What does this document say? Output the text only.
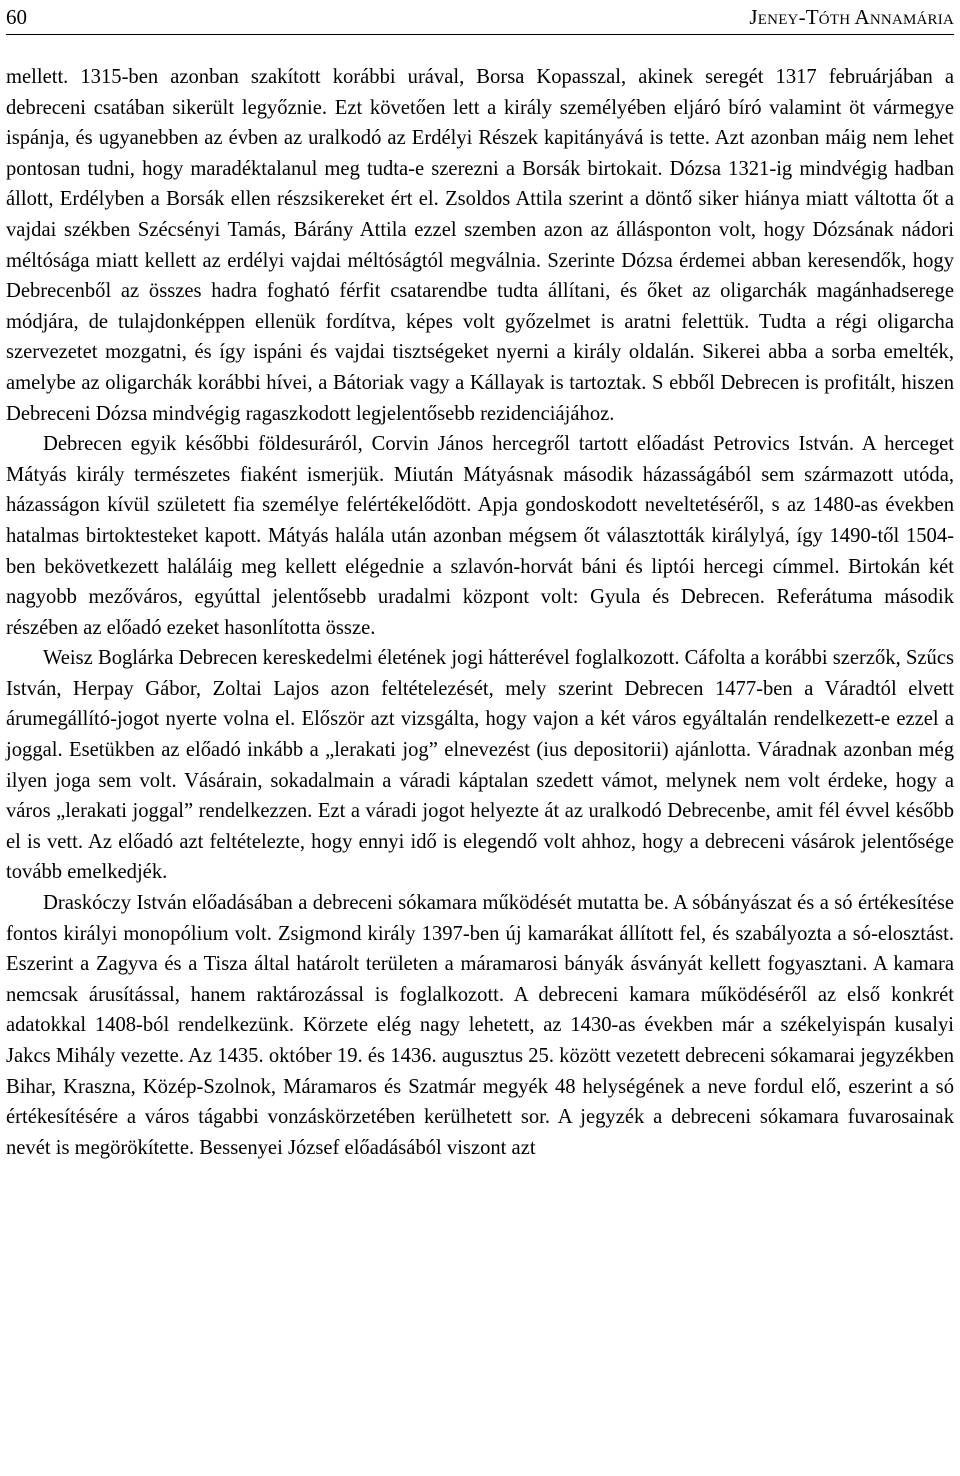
60	Jeney-Tóth Annamária

mellett. 1315-ben azonban szakított korábbi urával, Borsa Kopasszal, akinek seregét 1317 februárjában a debreceni csatában sikerült legyőznie. Ezt követően lett a király személyében eljáró bíró valamint öt vármegye ispánja, és ugyanebben az évben az uralkodó az Erdélyi Részek kapitányává is tette. Azt azonban máig nem lehet pontosan tudni, hogy maradéktalanul meg tudta-e szerezni a Borsák birtokait. Dózsa 1321-ig mindvégig hadban állott, Erdélyben a Borsák ellen részsikereket ért el. Zsoldos Attila szerint a döntő siker hiánya miatt váltotta őt a vajdai székben Szécsényi Tamás, Bárány Attila ezzel szemben azon az állásponton volt, hogy Dózsának nádori méltósága miatt kellett az erdélyi vajdai méltóságtól megválnia. Szerinte Dózsa érdemei abban keresendők, hogy Debrecenből az összes hadra fogható férfit csatarendbe tudta állítani, és őket az oligarchák magánhadserege módjára, de tulajdonképpen ellenük fordítva, képes volt győzelmet is aratni felettük. Tudta a régi oligarcha szervezetet mozgatni, és így ispáni és vajdai tisztségeket nyerni a király oldalán. Sikerei abba a sorba emelték, amelybe az oligarchák korábbi hívei, a Bátoriak vagy a Kállayak is tartoztak. S ebből Debrecen is profitált, hiszen Debreceni Dózsa mindvégig ragaszkodott legjelentősebb rezidenciájához.

Debrecen egyik későbbi földesuráról, Corvin János hercegről tartott előadást Petrovics István. A herceget Mátyás király természetes fiaként ismerjük. Miután Mátyásnak második házasságából sem származott utóda, házasságon kívül született fia személye felértékelődött. Apja gondoskodott neveltetéséről, s az 1480-as években hatalmas birtoktesteket kapott. Mátyás halála után azonban mégsem őt választották királylyá, így 1490-től 1504-ben bekövetkezett haláláig meg kellett elégednie a szlavón-horvát báni és liptói hercegi címmel. Birtokán két nagyobb mezőváros, egyúttal jelentősebb uradalmi központ volt: Gyula és Debrecen. Referátuma második részében az előadó ezeket hasonlította össze.

Weisz Boglárka Debrecen kereskedelmi életének jogi hátterével foglalkozott. Cáfolta a korábbi szerzők, Szűcs István, Herpay Gábor, Zoltai Lajos azon feltételezését, mely szerint Debrecen 1477-ben a Váradtól elvett árumegállító-jogot nyerte volna el. Először azt vizsgálta, hogy vajon a két város egyáltalán rendelkezett-e ezzel a joggal. Esetükben az előadó inkább a „lerakati jog” elnevezést (ius depositorii) ajánlotta. Váradnak azonban még ilyen joga sem volt. Vásárain, sokadalmain a váradi káptalan szedett vámot, melynek nem volt érdeke, hogy a város „lerakati joggal” rendelkezzen. Ezt a váradi jogot helyezte át az uralkodó Debrecenbe, amit fél évvel később el is vett. Az előadó azt feltételezte, hogy ennyi idő is elegendő volt ahhoz, hogy a debreceni vásárok jelentősége tovább emelkedjék.

Draskóczy István előadásában a debreceni sókamara működését mutatta be. A sóbányászat és a só értékesítése fontos királyi monopólium volt. Zsigmond király 1397-ben új kamarákat állított fel, és szabályozta a só-elosztást. Eszerint a Zagyva és a Tisza által határolt területen a máramarosi bányák ásványát kellett fogyasztani. A kamara nemcsak árusítással, hanem raktározással is foglalkozott. A debreceni kamara működéséről az első konkrét adatokkal 1408-ból rendelkezünk. Körzete elég nagy lehetett, az 1430-as években már a székelyispán kusalyi Jakcs Mihály vezette. Az 1435. október 19. és 1436. augusztus 25. között vezetett debreceni sókamarai jegyzékben Bihar, Kraszna, Közép-Szolnok, Máramaros és Szatmár megyék 48 helységének a neve fordul elő, eszerint a só értékesítésére a város tágabbi vonzáskörzetében kerülhetett sor. A jegyzék a debreceni sókamara fuvarosainak nevét is megörökítette. Bessenyei József előadásából viszont azt
